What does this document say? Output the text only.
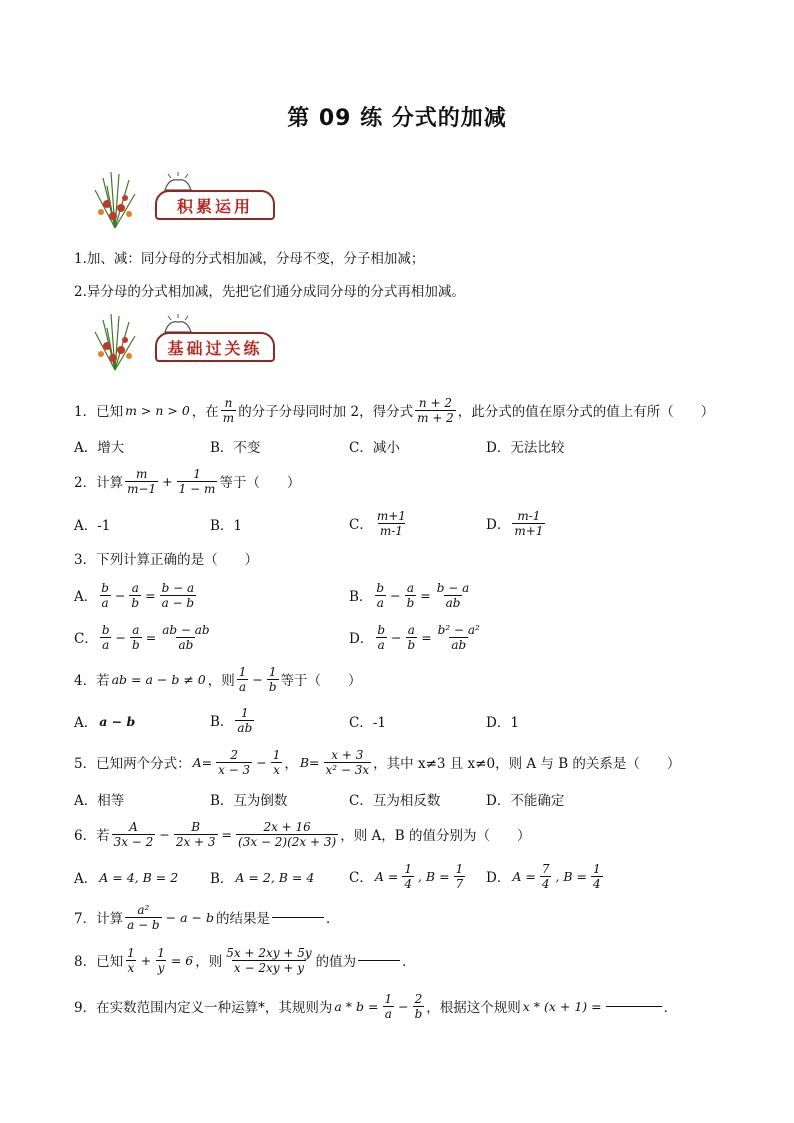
第 09 练 分式的加减
积累运用
1.加、减：同分母的分式相加减，分母不变，分子相加减；
2.异分母的分式相加减，先把它们通分成同分母的分式再相加减。
基础过关练
1．已知 m > n > 0 ，在 $\frac{n}{m}$ 的分子分母同时加 2，得分式 $\frac{n + 2}{m + 2}$ ，此分式的值在原分式的值上有所（　　）
A．增大	B．不变	C．减小	D．无法比较
2．计算 $\frac{m}{m-1} + \frac{1}{1 - m}$ 等于（　　）
A．-1	B．1	C． $\frac{m+1}{m-1}$	D． $\frac{m-1}{m+1}$
3．下列计算正确的是（　　）
A． $\frac{b}{a} - \frac{a}{b} = \frac{b - a}{a - b}$	B． $\frac{b}{a} - \frac{a}{b} = \frac{b - a}{ab}$
C． $\frac{b}{a} - \frac{a}{b} = \frac{ab - ab}{ab}$	D． $\frac{b}{a} - \frac{a}{b} = \frac{\text{b² − a²}}{ab}$
4．若 ab = a − b ≠ 0 ，则 $\frac{1}{a} - \frac{1}{b}$ 等于（　　）
A． a − b	B． $\frac{1}{ab}$	C．-1	D．1
5．已知两个分式： $A= \frac{2}{x - 3} - \frac{1}{x}$ ， $B= \frac{x + 3}{\text{x² − 3x}}$ ，其中 x≠3 且 x≠0，则 A 与 B 的关系是（　　）
A．相等	B．互为倒数	C．互为相反数	D．不能确定
6．若 $\frac{A}{3x - 2} - \frac{B}{2x + 3} = \frac{2x + 16}{(3x - 2)(2x + 3)}$ ，则 A，B 的值分别为（　　）
A． A = 4, B = 2 B． A = 2, B = 4	C． $A = \frac{1}{4}$ , $B = \frac{1}{7}$ D． $A = \frac{7}{4}$ , $B = \frac{1}{4}$
7．计算 $\frac{\text{a²}}{a - b} - a - b$ 的结果是	．
8．已知 $\frac{1}{x} + \frac{1}{y} = 6$ ，则 $\frac{5x + 2xy + 5y}{x - 2xy + y}$ 的值为	．
9．在实数范围内定义一种运算*，其规则为 $a * b = \frac{1}{a} - \frac{2}{b}$ ，根据这个规则 x * (x + 1) =	．
